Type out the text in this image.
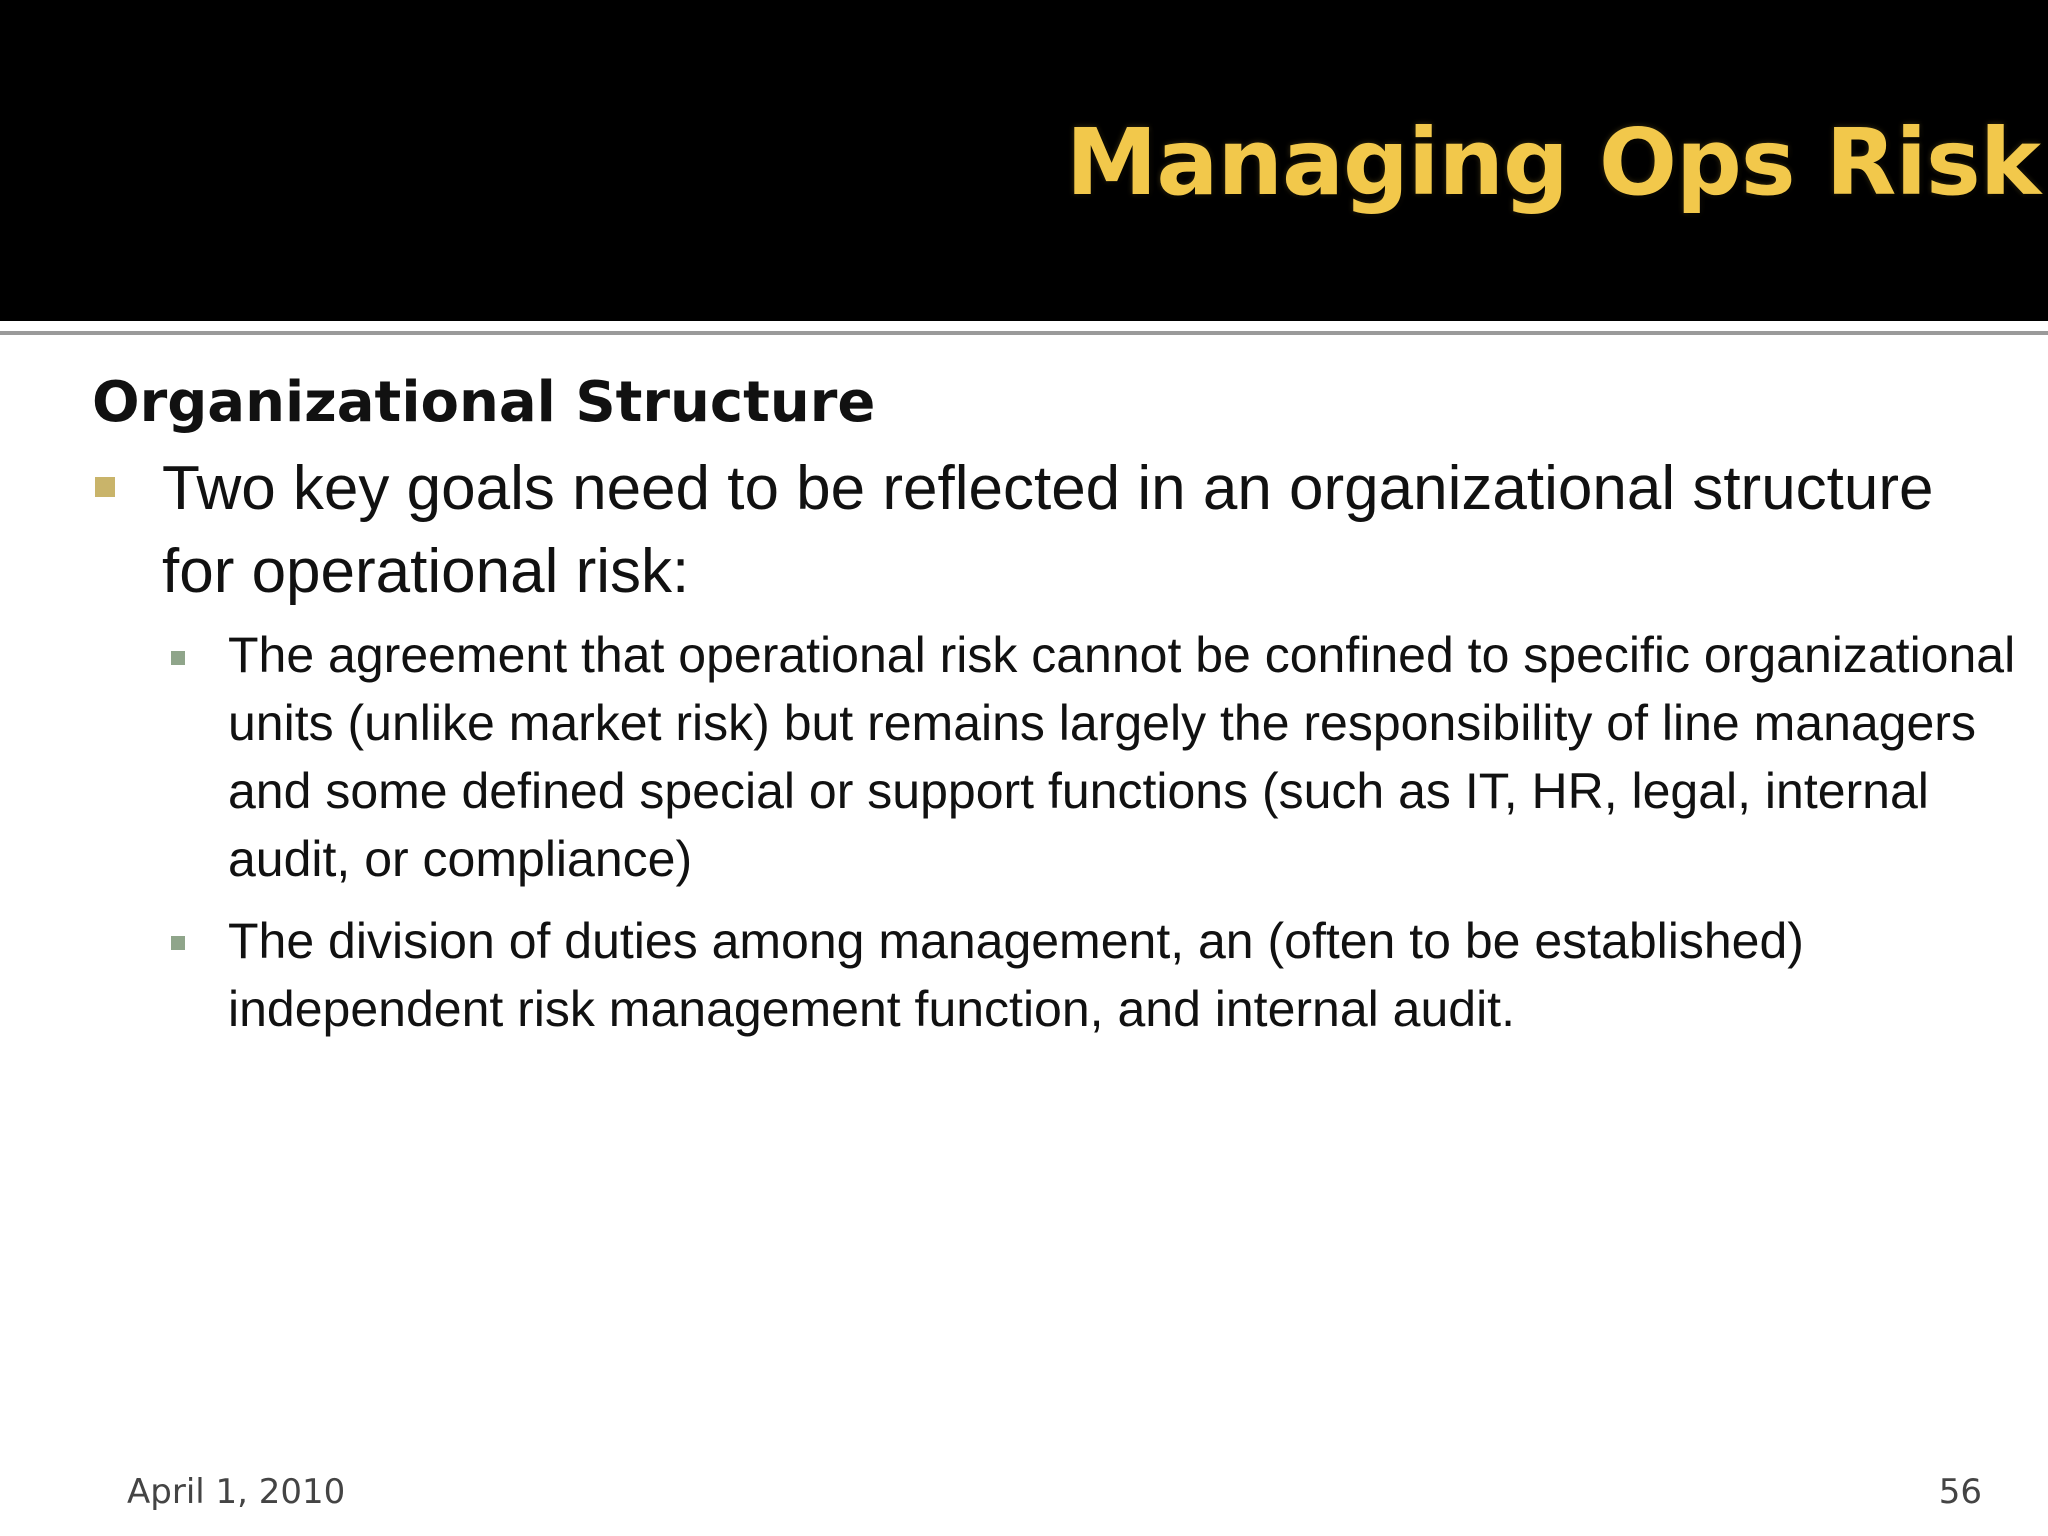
Managing Ops Risk
Organizational Structure
Two key goals need to be reflected in an organizational structure for operational risk:
The agreement that operational risk cannot be confined to specific organizational units (unlike market risk) but remains largely the responsibility of line managers and some defined special or support functions (such as IT, HR, legal, internal audit, or compliance)
The division of duties among management, an (often to be established) independent risk management function, and internal audit.
April 1, 2010	56
